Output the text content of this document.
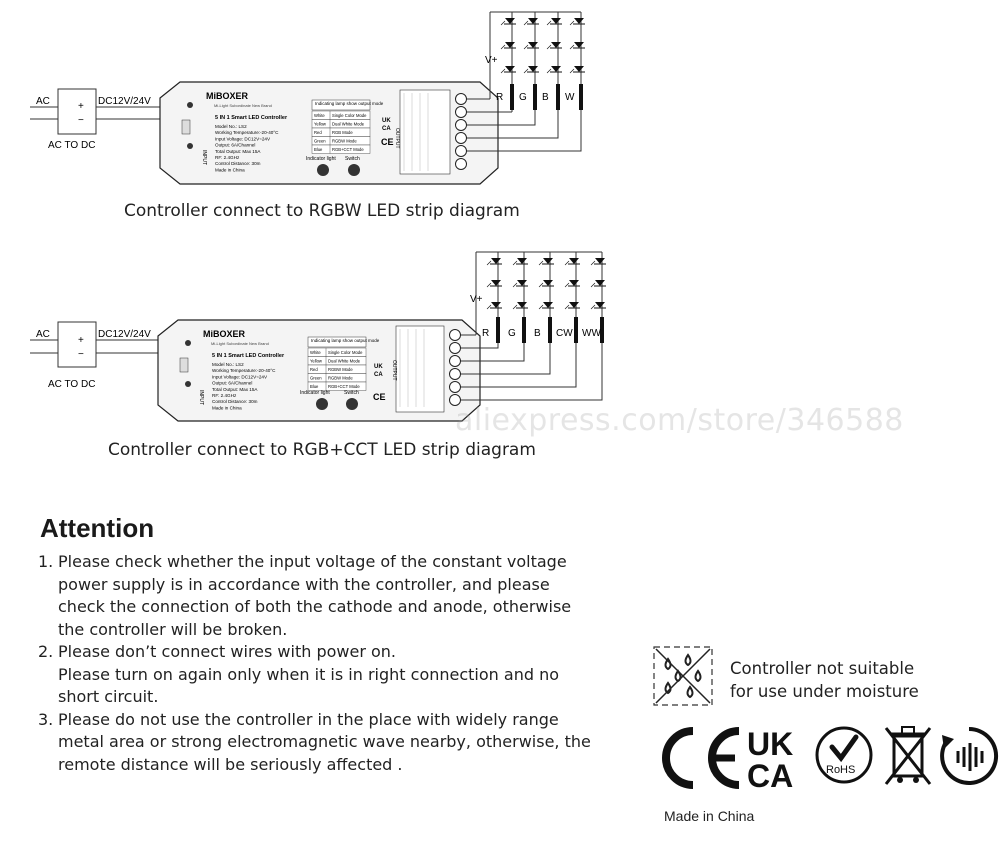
AC	+
−
DC12V/24V
AC TO DC
MiBOXER
Mi-Light Subordinate New Brand
5 IN 1 Smart LED Controller
Model No.: LS2
Working Temperature:-20-40°C
Input Voltage: DC12V~24V
Output: 6A/Channel
Total Output: Max 15A
RF: 2.4GHz
Control Distance: 30m
Made in China
INPUT
Indicating lamp show output mode
White Single Color Mode
Yellow Dual White Mode
Red RGB Mode
Green RGBW Mode
Blue RGB+CCT Mode
Indicator light Switch
UK
CA
CE OUTPUT
V+
R G B W
Controller connect to RGBW LED strip diagram
AC
+
−
DC12V/24V
AC TO DC
MiBOXER
Mi-Light Subordinate New Brand
5 IN 1 Smart LED Controller
Model No.: LS2
Working Temperature:-20-40°C
Input Voltage: DC12V~24V
Output: 6A/Channel
Total Output: Max 15A
RF: 2.4GHz
Control Distance: 30m
Made in China
INPUT
Indicating lamp show output mode
White Single Color Mode
Yellow Dual White Mode
Red RGBW Mode
Green RGBW Mode
Blue RGB+CCT Mode
Indicator light	Switch
UK
CA
CE
OUTPUT
V+
R G B CW WW
Controller connect to RGB+CCT LED strip diagram
aliexpress.com/store/346588
Attention
1. Please check whether the input voltage of the constant voltage
power supply is in accordance with the controller, and please
check the connection of both the cathode and anode, otherwise
the controller will be broken.
2. Please don’t connect wires with power on.
Please turn on again only when it is in right connection and no
short circuit.
3. Please do not use the controller in the place with widely range
metal area or strong electromagnetic wave nearby, otherwise, the
remote distance will be seriously affected .
Controller not suitable
for use under moisture
UK
CA	RoHS
Made in China
